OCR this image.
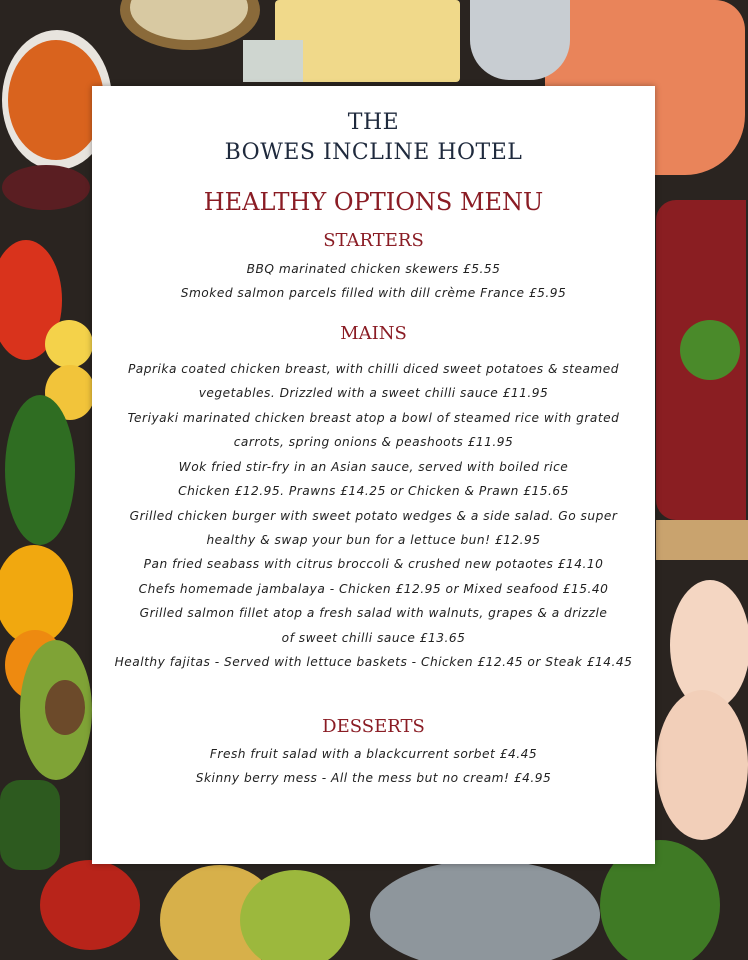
THE
BOWES INCLINE HOTEL
HEALTHY OPTIONS MENU
STARTERS
BBQ marinated chicken skewers £5.55
Smoked salmon parcels filled with dill crème France £5.95
MAINS
Paprika coated chicken breast, with chilli diced sweet potatoes & steamed
vegetables. Drizzled with a sweet chilli sauce £11.95
Teriyaki marinated chicken breast atop a bowl of steamed rice with grated
carrots, spring onions & peashoots £11.95
Wok fried stir-fry in an Asian sauce, served with boiled rice
Chicken £12.95. Prawns £14.25 or Chicken & Prawn £15.65
Grilled chicken burger with sweet potato wedges & a side salad. Go super
healthy & swap your bun for a lettuce bun! £12.95
Pan fried seabass with citrus broccoli & crushed new potaotes £14.10
Chefs homemade jambalaya - Chicken £12.95 or Mixed seafood £15.40
Grilled salmon fillet atop a fresh salad with walnuts, grapes & a drizzle
of sweet chilli sauce £13.65
Healthy fajitas - Served with lettuce baskets - Chicken £12.45 or Steak £14.45
DESSERTS
Fresh fruit salad with a blackcurrent sorbet £4.45
Skinny berry mess - All the mess but no cream! £4.95
